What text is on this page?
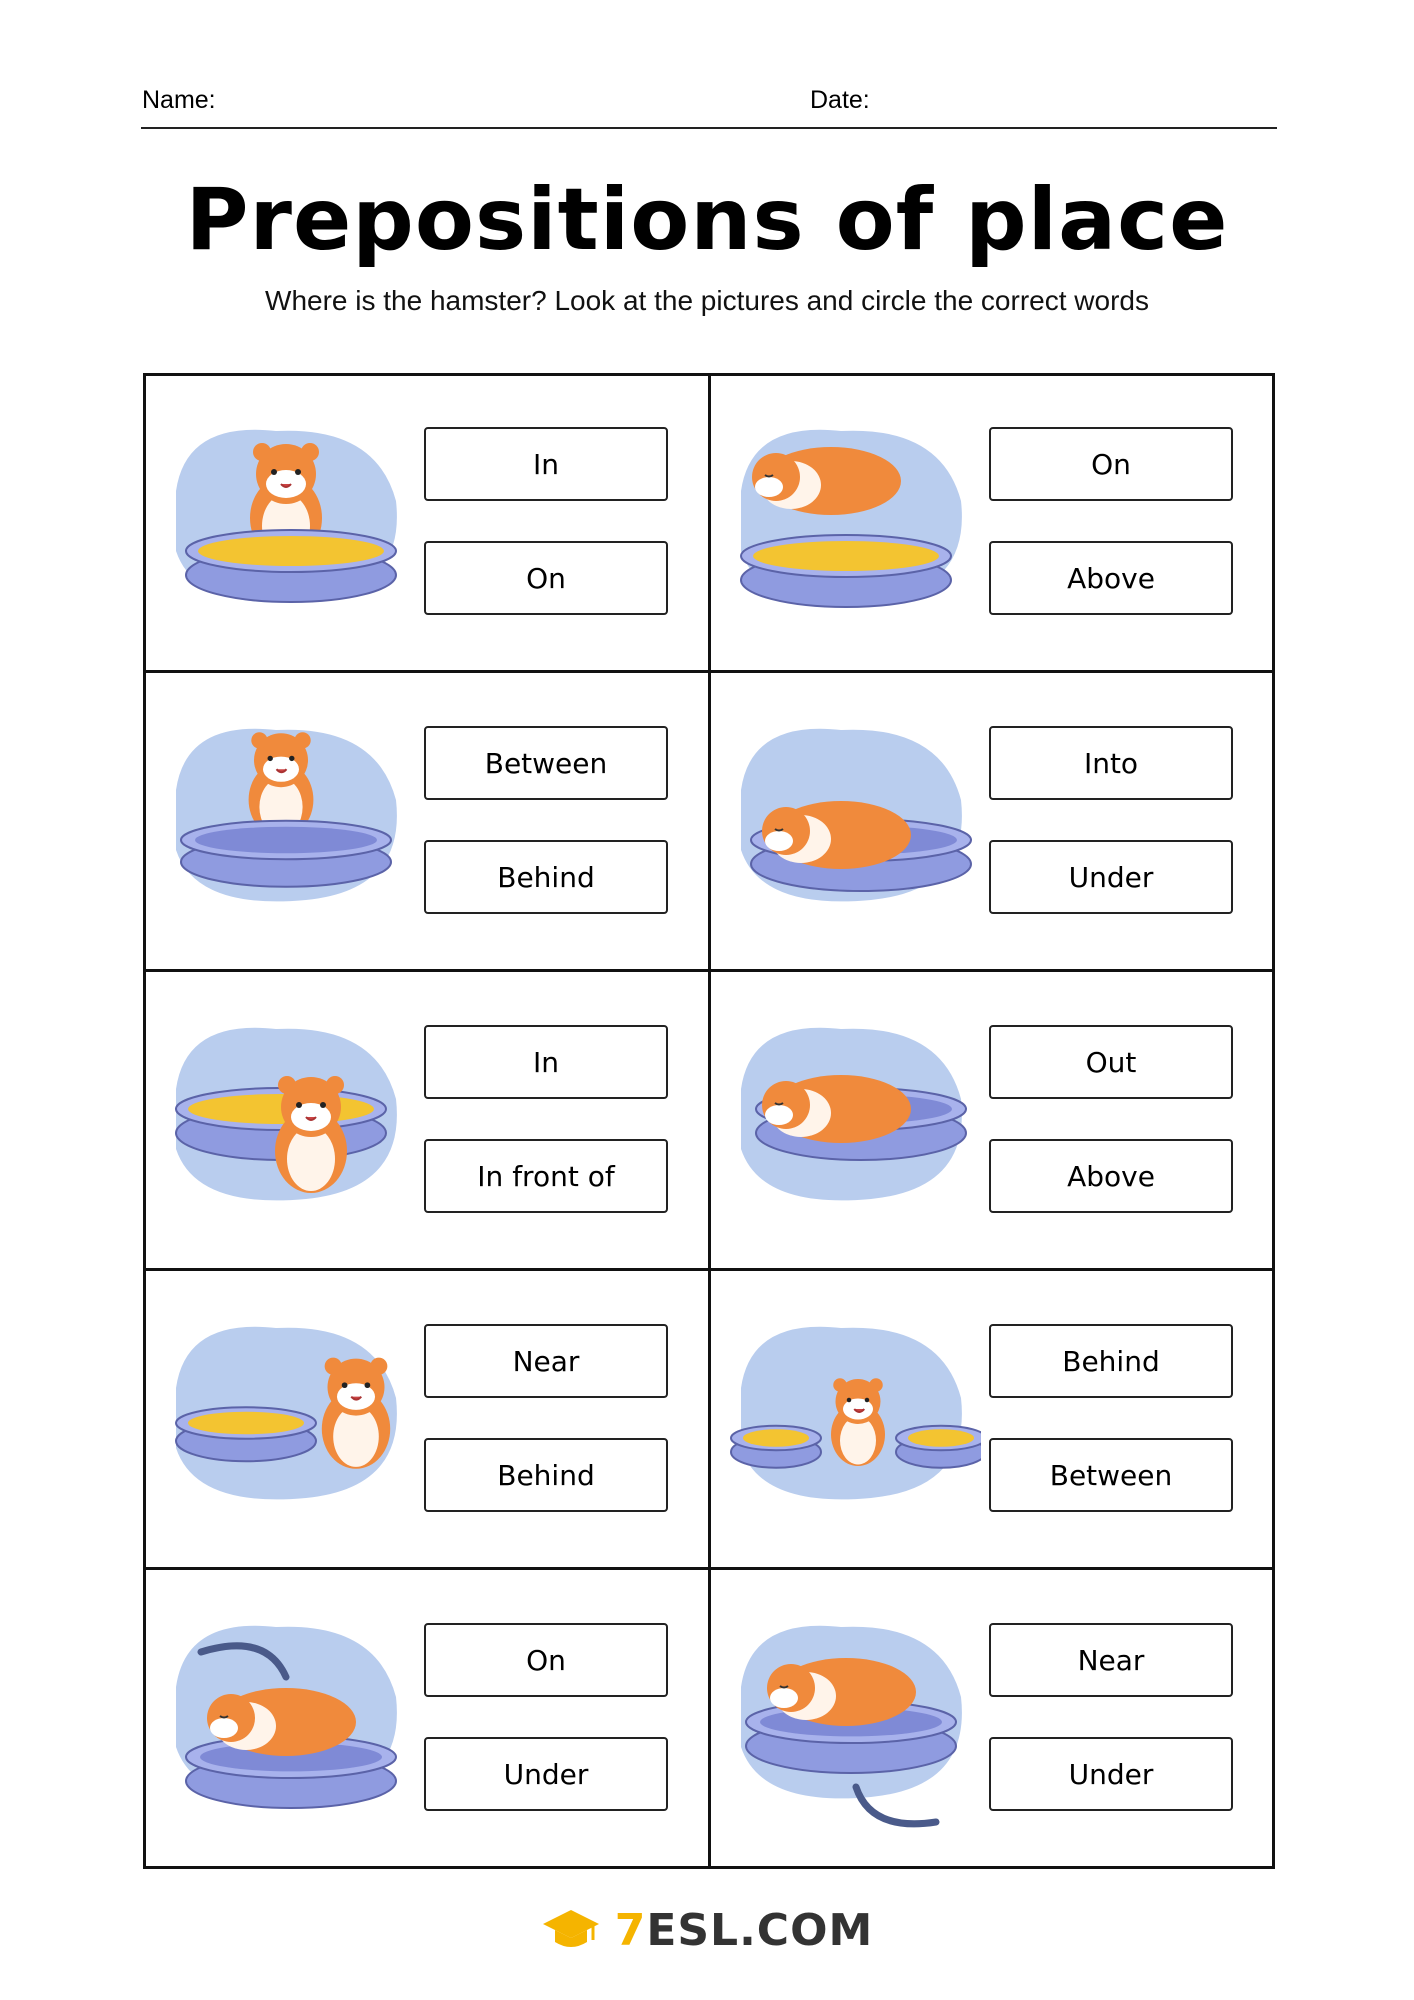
Name:	Date:
Prepositions of place
Where is the hamster? Look at the pictures and circle the correct words
In
On
On
Above
Between
Behind
Into
Under
In
In front of
Out
Above
Near
Behind
Behind
Between
On
Under
Near
Under
7ESL.COM
